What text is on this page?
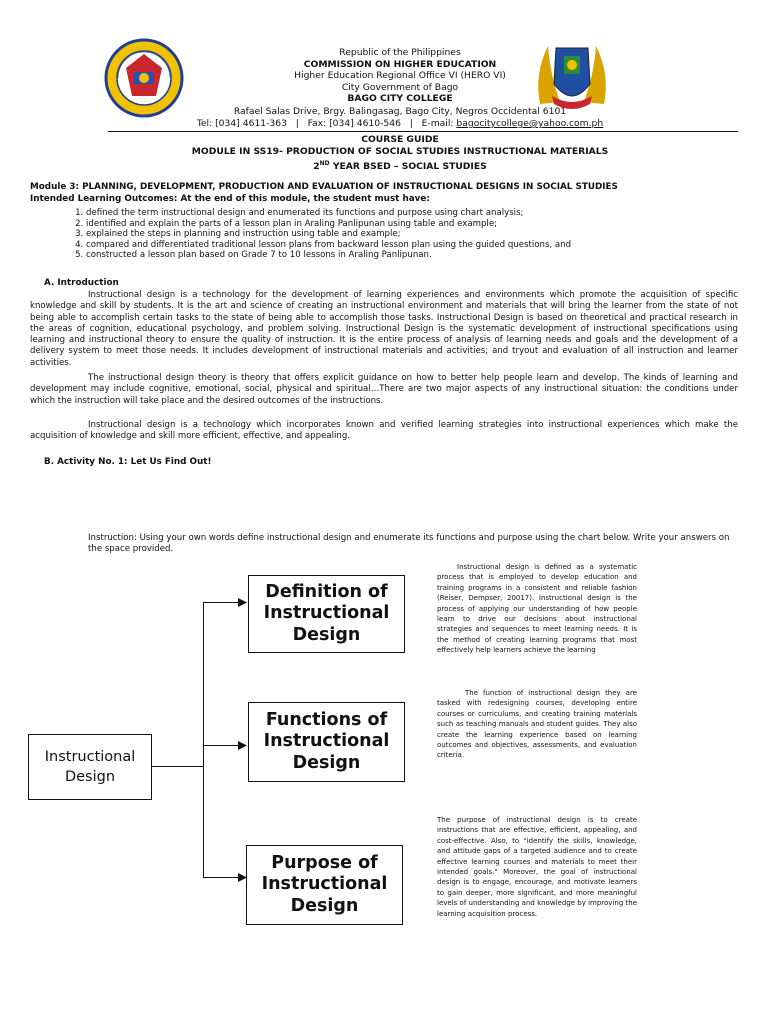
Republic of the Philippines
COMMISSION ON HIGHER EDUCATION
Higher Education Regional Office VI (HERO VI)
City Government of Bago
BAGO CITY COLLEGE
Rafael Salas Drive, Brgy. Balingasag, Bago City, Negros Occidental 6101
Tel: [034] 4611-363   |   Fax: [034] 4610-546   |   E-mail: bagocitycollege@yahoo.com.ph
COURSE GUIDE
MODULE IN SS19- PRODUCTION OF SOCIAL STUDIES INSTRUCTIONAL MATERIALS
2ND YEAR BSED – SOCIAL STUDIES
Module 3: PLANNING, DEVELOPMENT, PRODUCTION AND EVALUATION OF INSTRUCTIONAL DESIGNS IN SOCIAL STUDIES
Intended Learning Outcomes: At the end of this module, the student must have:
1. defined the term instructional design and enumerated its functions and purpose using chart analysis;
2. identified and explain the parts of a lesson plan in Araling Panlipunan using table and example;
3. explained the steps in planning and instruction using table and example;
4. compared and differentiated traditional lesson plans from backward lesson plan using the guided questions, and
5. constructed a lesson plan based on Grade 7 to 10 lessons in Araling Panlipunan.
A. Introduction
Instructional design is a technology for the development of learning experiences and environments which promote the acquisition of specific knowledge and skill by students. It is the art and science of creating an instructional environment and materials that will bring the learner from the state of not being able to accomplish certain tasks to the state of being able to accomplish those tasks. Instructional Design is based on theoretical and practical research in the areas of cognition, educational psychology, and problem solving. Instructional Design is the systematic development of instructional specifications using learning and instructional theory to ensure the quality of instruction. It is the entire process of analysis of learning needs and goals and the development of a delivery system to meet those needs. It includes development of instructional materials and activities; and tryout and evaluation of all instruction and learner activities.
The instructional design theory is theory that offers explicit guidance on how to better help people learn and develop. The kinds of learning and development may include cognitive, emotional, social, physical and spiritual…There are two major aspects of any instructional situation: the conditions under which the instruction will take place and the desired outcomes of the instructions.
Instructional design is a technology which incorporates known and verified learning strategies into instructional experiences which make the acquisition of knowledge and skill more efficient, effective, and appealing.
B. Activity No. 1: Let Us Find Out!
Instruction: Using your own words define instructional design and enumerate its functions and purpose using the chart below. Write your answers on the space provided.
Instructional Design
Definition of Instructional Design
Functions of Instructional Design
Purpose of Instructional Design
Instructional design is defined as a systematic process that is employed to develop education and training programs in a consistent and reliable fashion (Reiser, Dempser, 20017). Instructional design is the process of applying our understanding of how people learn to drive our decisions about instructional strategies and sequences to meet learning needs. It is the method of creating learning programs that most effectively help learners achieve the learning
The function of instructional design they are tasked with redesigning courses, developing entire courses or curriculums, and creating training materials such as teaching manuals and student guides. They also create the learning experience based on learning outcomes and objectives, assessments, and evaluation criteria.
The purpose of instructional design is to create instructions that are effective, efficient, appealing, and cost-effective. Also, to "identify the skills, knowledge, and attitude gaps of a targeted audience and to create effective learning courses and materials to meet their intended goals." Moreover, the goal of instructional design is to engage, encourage, and motivate learners to gain deeper, more significant, and more meaningful levels of understanding and knowledge by improving the learning acquisition process.
